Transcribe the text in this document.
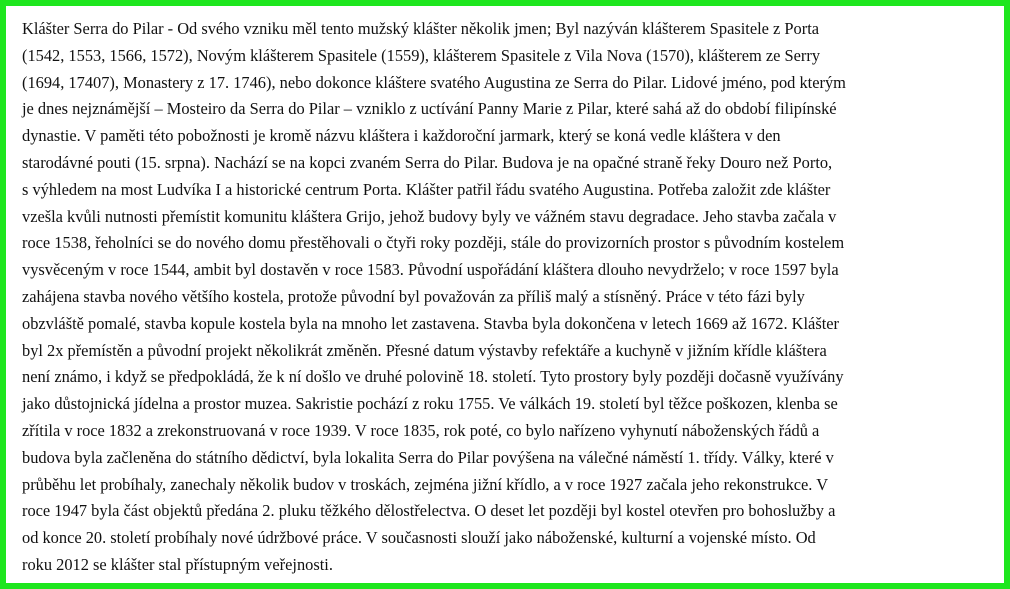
Klášter Serra do Pilar - Od svého vzniku měl tento mužský klášter několik jmen; Byl nazýván klášterem Spasitele z Porta
(1542, 1553, 1566, 1572), Novým klášterem Spasitele (1559), klášterem Spasitele z Vila Nova (1570), klášterem ze Serry
(1694, 17407), Monastery z 17. 1746), nebo dokonce kláštere svatého Augustina ze Serra do Pilar. Lidové jméno, pod kterým
je dnes nejznámější – Mosteiro da Serra do Pilar – vzniklo z uctívání Panny Marie z Pilar, které sahá až do období filipínské
dynastie. V paměti této pobožnosti je kromě názvu kláštera i každoroční jarmark, který se koná vedle kláštera v den
starodávné pouti (15. srpna). Nachází se na kopci zvaném Serra do Pilar. Budova je na opačné straně řeky Douro než Porto,
s výhledem na most Ludvíka I a historické centrum Porta. Klášter patřil řádu svatého Augustina. Potřeba založit zde klášter
vzešla kvůli nutnosti přemístit komunitu kláštera Grijo, jehož budovy byly ve vážném stavu degradace. Jeho stavba začala v
roce 1538, řeholníci se do nového domu přestěhovali o čtyři roky později, stále do provizorních prostor s původním kostelem
vysvěceným v roce 1544, ambit byl dostavěn v roce 1583. Původní uspořádání kláštera dlouho nevydrželo; v roce 1597 byla
zahájena stavba nového většího kostela, protože původní byl považován za příliš malý a stísněný. Práce v této fázi byly
obzvláště pomalé, stavba kopule kostela byla na mnoho let zastavena. Stavba byla dokončena v letech 1669 až 1672. Klášter
byl 2x přemístěn a původní projekt několikrát změněn. Přesné datum výstavby refektáře a kuchyně v jižním křídle kláštera
není známo, i když se předpokládá, že k ní došlo ve druhé polovině 18. století. Tyto prostory byly později dočasně využívány
jako důstojnická jídelna a prostor muzea. Sakristie pochází z roku 1755. Ve válkách 19. století byl těžce poškozen, klenba se
zřítila v roce 1832 a zrekonstruovaná v roce 1939. V roce 1835, rok poté, co bylo nařízeno vyhynutí náboženských řádů a
budova byla začleněna do státního dědictví, byla lokalita Serra do Pilar povýšena na válečné náměstí 1. třídy. Války, které v
průběhu let probíhaly, zanechaly několik budov v troskách, zejména jižní křídlo, a v roce 1927 začala jeho rekonstrukce. V
roce 1947 byla část objektů předána 2. pluku těžkého dělostřelectva. O deset let později byl kostel otevřen pro bohoslužby a
od konce 20. století probíhaly nové údržbové práce. V současnosti slouží jako náboženské, kulturní a vojenské místo. Od
roku 2012 se klášter stal přístupným veřejnosti.
